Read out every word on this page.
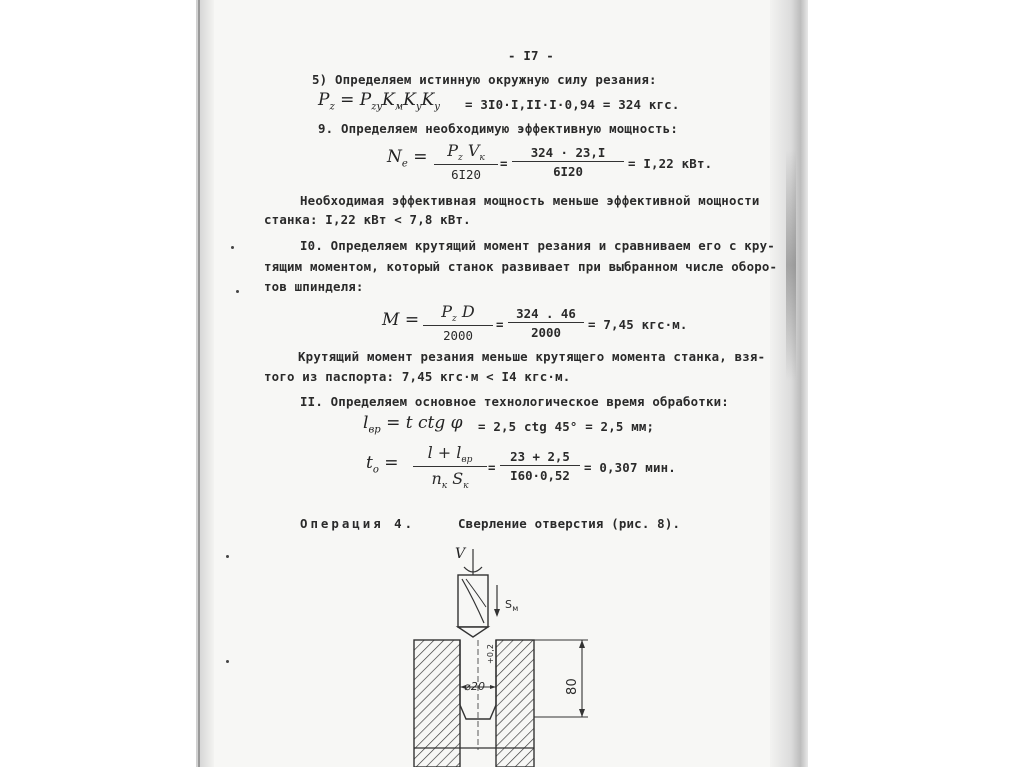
- I7 -
5) Определяем истинную окружную силу резания:
$P_z = P_{zy}K_мK_yK_y = 3I0\cdot I,II\cdot I\cdot 0,94 = 324$ кгс.
9. Определяем необходимую эффективную мощность:
$N_e$ =	$P_z$ $V_к$
6I20
= $\frac{324 \cdot 23,I}{6I20} = I,22$ кВт.
Необходимая эффективная мощность меньше эффективной мощности
станка: I,22 кВт < 7,8 кВт.
I0. Определяем крутящий момент резания и сравниваем его с кру-
тящим моментом, который станок развивает при выбранном числе оборо-
тов шпинделя:
M =	$P_z$ D
2000
= $\frac{324 . 46}{2000} = 7,45$ кгс·м.
Крутящий момент резания меньше крутящего момента станка, взя-
того из паспорта: 7,45 кгс·м < I4 кгс·м.
II. Определяем основное технологическое время обработки:
$l_{вр} = t$ ctg φ = 2,5 ctg 45° = 2,5 мм;
$t_o$ =
$l + l_{вр}$
$n_к$ $S_к$
= $\frac{23 + 2,5}{I60\cdot 0,52} = 0,307$ мин.
Операция 4.	Сверление отверстия (рис. 8).
V
$S_м$
⌀20
+0,2
80
